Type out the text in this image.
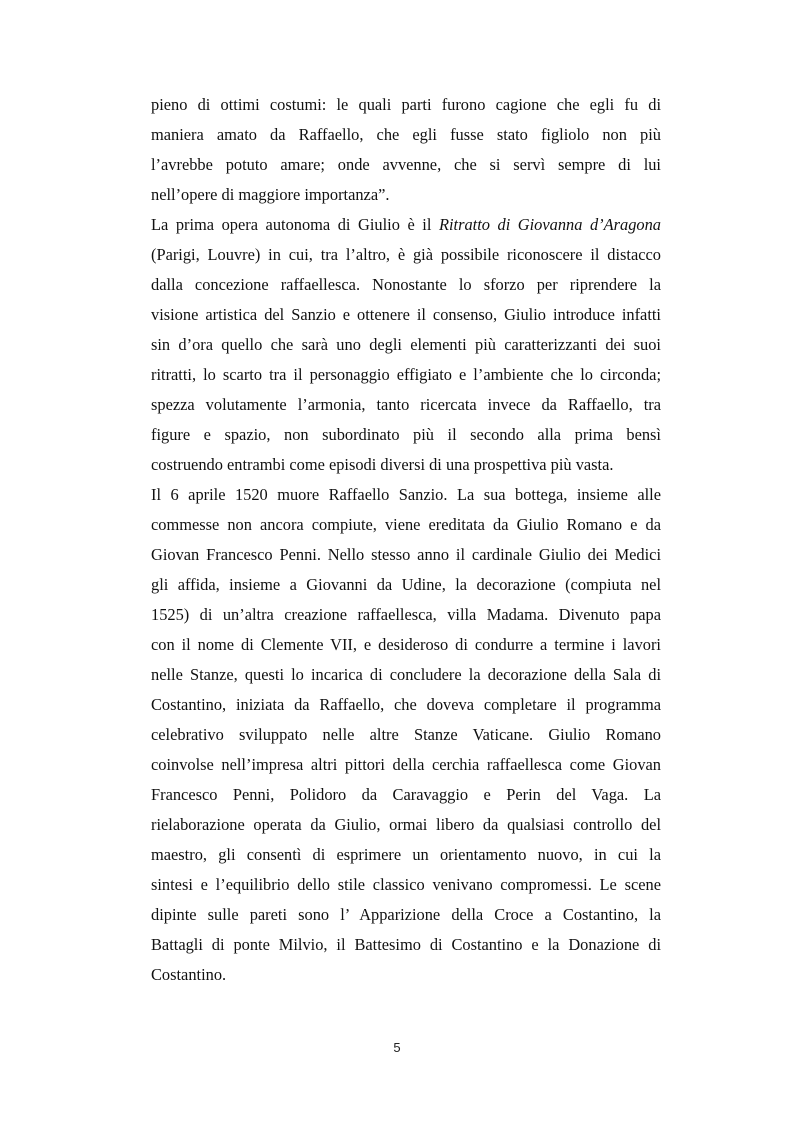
pieno di ottimi costumi: le quali parti furono cagione che egli fu di
maniera amato da Raffaello, che egli fusse stato figliolo non più
l’avrebbe potuto amare; onde avvenne, che si servì sempre di lui
nell’opere di maggiore importanza”.
La prima opera autonoma di Giulio è il Ritratto di Giovanna d’Aragona
(Parigi, Louvre) in cui, tra l’altro, è già possibile riconoscere il distacco
dalla concezione raffaellesca. Nonostante lo sforzo per riprendere la
visione artistica del Sanzio e ottenere il consenso, Giulio introduce infatti
sin d’ora quello che sarà uno degli elementi più caratterizzanti dei suoi
ritratti, lo scarto tra il personaggio effigiato e l’ambiente che lo circonda;
spezza volutamente l’armonia, tanto ricercata invece da Raffaello, tra
figure e spazio, non subordinato più il secondo alla prima bensì
costruendo entrambi come episodi diversi di una prospettiva più vasta.
Il 6 aprile 1520 muore Raffaello Sanzio. La sua bottega, insieme alle
commesse non ancora compiute, viene ereditata da Giulio Romano e da
Giovan Francesco Penni. Nello stesso anno il cardinale Giulio dei Medici
gli affida, insieme a Giovanni da Udine, la decorazione (compiuta nel
1525) di un’altra creazione raffaellesca, villa Madama. Divenuto papa
con il nome di Clemente VII, e desideroso di condurre a termine i lavori
nelle Stanze, questi lo incarica di concludere la decorazione della Sala di
Costantino, iniziata da Raffaello, che doveva completare il programma
celebrativo sviluppato nelle altre Stanze Vaticane. Giulio Romano
coinvolse nell’impresa altri pittori della cerchia raffaellesca come Giovan
Francesco Penni, Polidoro da Caravaggio e Perin del Vaga. La
rielaborazione operata da Giulio, ormai libero da qualsiasi controllo del
maestro, gli consentì di esprimere un orientamento nuovo, in cui la
sintesi e l’equilibrio dello stile classico venivano compromessi. Le scene
dipinte sulle pareti sono l’ Apparizione della Croce a Costantino, la
Battagli di ponte Milvio, il Battesimo di Costantino e la Donazione di
Costantino.
5
